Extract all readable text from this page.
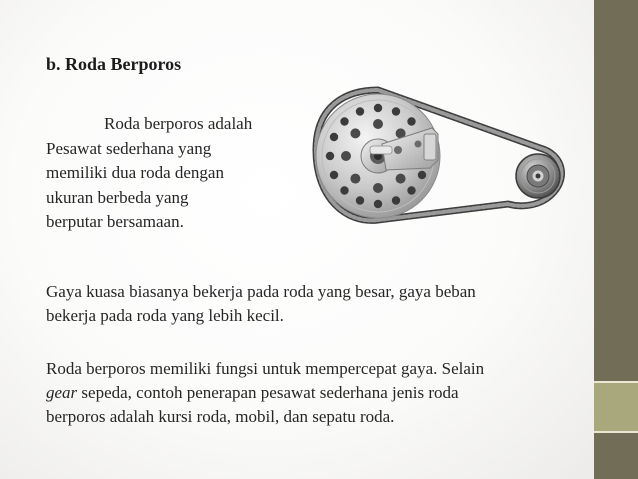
b. Roda Berporos
Roda berporos adalah
Pesawat sederhana yang
memiliki dua roda dengan
ukuran berbeda yang
berputar bersamaan.
Gaya kuasa biasanya bekerja pada roda yang besar, gaya beban
bekerja pada roda yang lebih kecil.
Roda berporos memiliki fungsi untuk mempercepat gaya. Selain
gear sepeda, contoh penerapan pesawat sederhana jenis roda
berporos adalah kursi roda, mobil, dan sepatu roda.
